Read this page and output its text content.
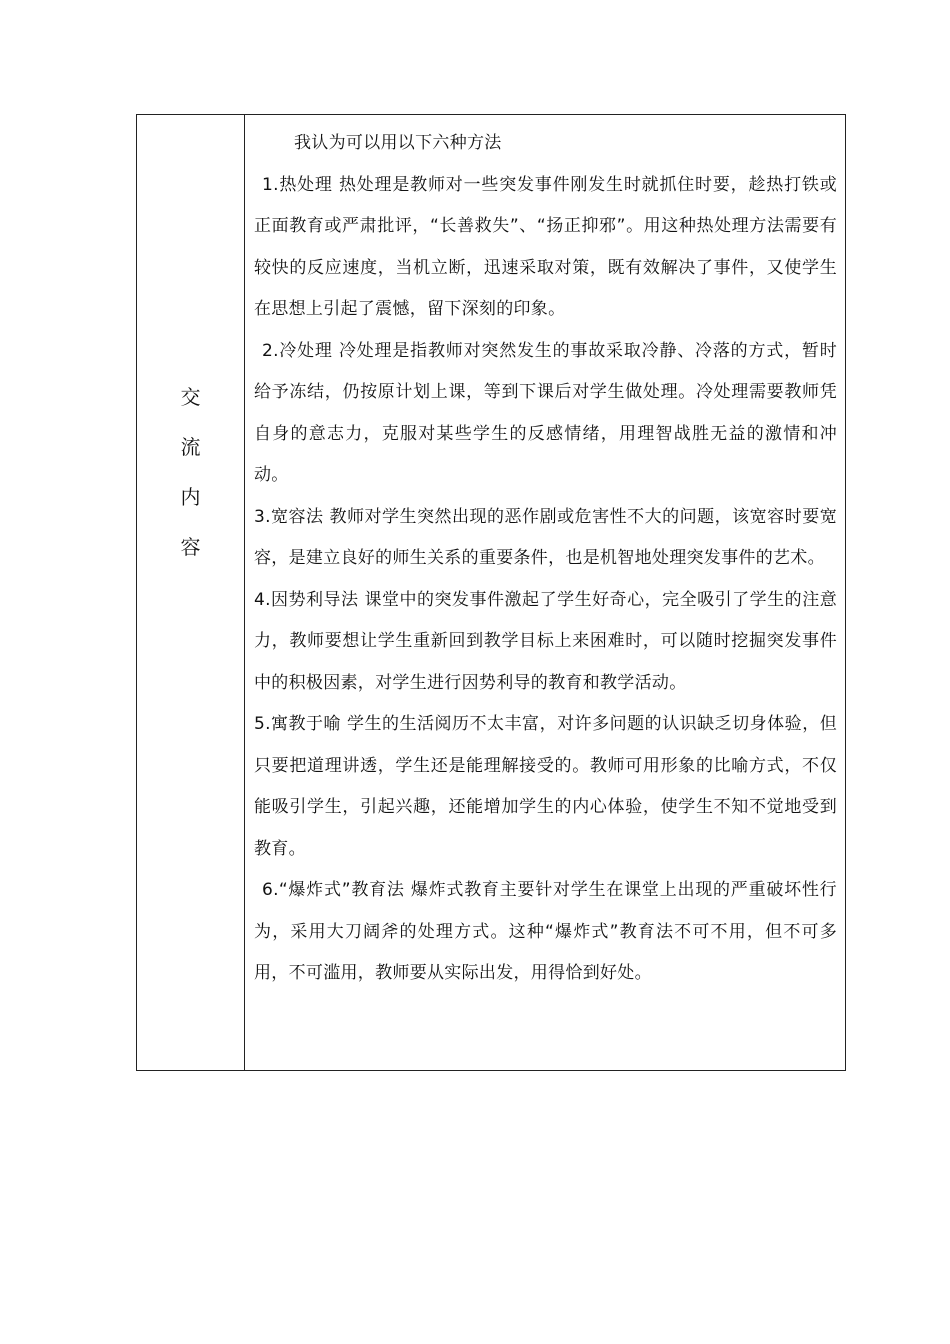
交
流
内
容

我认为可以用以下六种方法

1.热处理 热处理是教师对一些突发事件刚发生时就抓住时要，趁热打铁或正面教育或严肃批评，“长善救失”、“扬正抑邪”。用这种热处理方法需要有较快的反应速度，当机立断，迅速采取对策，既有效解决了事件，又使学生在思想上引起了震憾，留下深刻的印象。

2.冷处理 冷处理是指教师对突然发生的事故采取冷静、冷落的方式，暂时给予冻结，仍按原计划上课，等到下课后对学生做处理。冷处理需要教师凭自身的意志力，克服对某些学生的反感情绪，用理智战胜无益的激情和冲动。

3.宽容法 教师对学生突然出现的恶作剧或危害性不大的问题，该宽容时要宽容，是建立良好的师生关系的重要条件，也是机智地处理突发事件的艺术。

4.因势利导法 课堂中的突发事件激起了学生好奇心，完全吸引了学生的注意力，教师要想让学生重新回到教学目标上来困难时，可以随时挖掘突发事件中的积极因素，对学生进行因势利导的教育和教学活动。

5.寓教于喻 学生的生活阅历不太丰富，对许多问题的认识缺乏切身体验，但只要把道理讲透，学生还是能理解接受的。教师可用形象的比喻方式，不仅能吸引学生，引起兴趣，还能增加学生的内心体验，使学生不知不觉地受到教育。

6.“爆炸式”教育法 爆炸式教育主要针对学生在课堂上出现的严重破坏性行为，采用大刀阔斧的处理方式。这种“爆炸式”教育法不可不用，但不可多用，不可滥用，教师要从实际出发，用得恰到好处。
